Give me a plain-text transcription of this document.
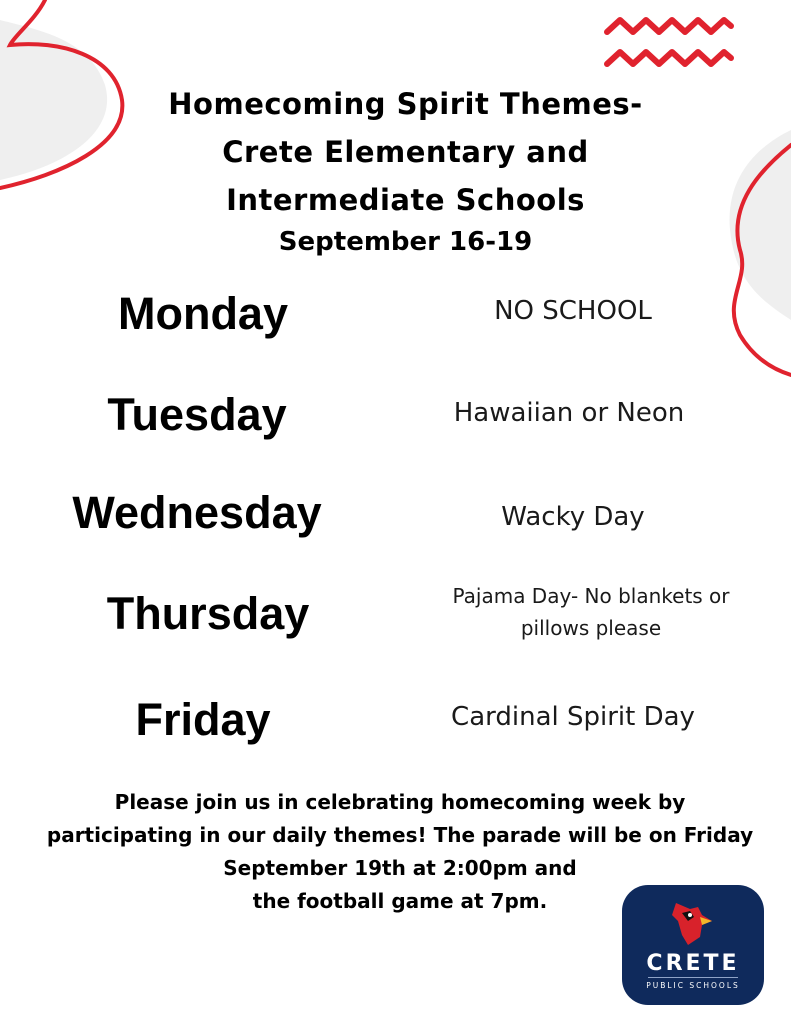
Homecoming Spirit Themes-
Crete Elementary and
Intermediate Schools
September 16-19
Monday	NO SCHOOL
Tuesday	Hawaiian or Neon
Wednesday	Wacky Day
Thursday	Pajama Day- No blankets or
pillows please
Friday	Cardinal Spirit Day
Please join us in celebrating homecoming week by
participating in our daily themes! The parade will be on Friday
September 19th at 2:00pm and
the football game at 7pm.
CRETE
PUBLIC SCHOOLS
